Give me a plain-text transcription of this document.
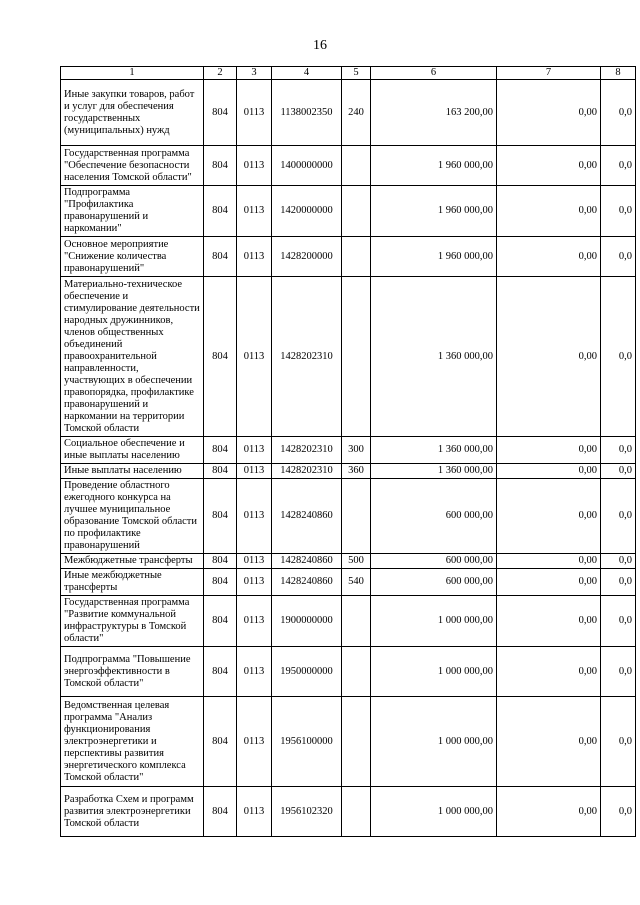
16
1	2	3	4	5	6	7	8
Иные закупки товаров, работ и услуг для обеспечения государственных (муниципальных) нужд	804	0113	1138002350	240	163 200,00	0,00	0,0
Государственная программа "Обеспечение безопасности населения Томской области"	804	0113	1400000000		1 960 000,00	0,00	0,0
Подпрограмма "Профилактика правонарушений и наркомании"	804	0113	1420000000		1 960 000,00	0,00	0,0
Основное мероприятие "Снижение количества правонарушений"	804	0113	1428200000		1 960 000,00	0,00	0,0
Материально-техническое обеспечение и стимулирование деятельности народных дружинников, членов общественных объединений правоохранительной направленности, участвующих в обеспечении правопорядка, профилактике правонарушений и наркомании на территории Томской области	804	0113	1428202310		1 360 000,00	0,00	0,0
Социальное обеспечение и иные выплаты населению	804	0113	1428202310	300	1 360 000,00	0,00	0,0
Иные выплаты населению	804	0113	1428202310	360	1 360 000,00	0,00	0,0
Проведение областного ежегодного конкурса на лучшее муниципальное образование Томской области по профилактике правонарушений	804	0113	1428240860		600 000,00	0,00	0,0
Межбюджетные трансферты	804	0113	1428240860	500	600 000,00	0,00	0,0
Иные межбюджетные трансферты	804	0113	1428240860	540	600 000,00	0,00	0,0
Государственная программа "Развитие коммунальной инфраструктуры в Томской области"	804	0113	1900000000		1 000 000,00	0,00	0,0
Подпрограмма "Повышение энергоэффективности в Томской области"	804	0113	1950000000		1 000 000,00	0,00	0,0
Ведомственная целевая программа "Анализ функционирования электроэнергетики и перспективы развития энергетического комплекса Томской области"	804	0113	1956100000		1 000 000,00	0,00	0,0
Разработка Схем и программ развития электроэнергетики Томской области	804	0113	1956102320		1 000 000,00	0,00	0,0
